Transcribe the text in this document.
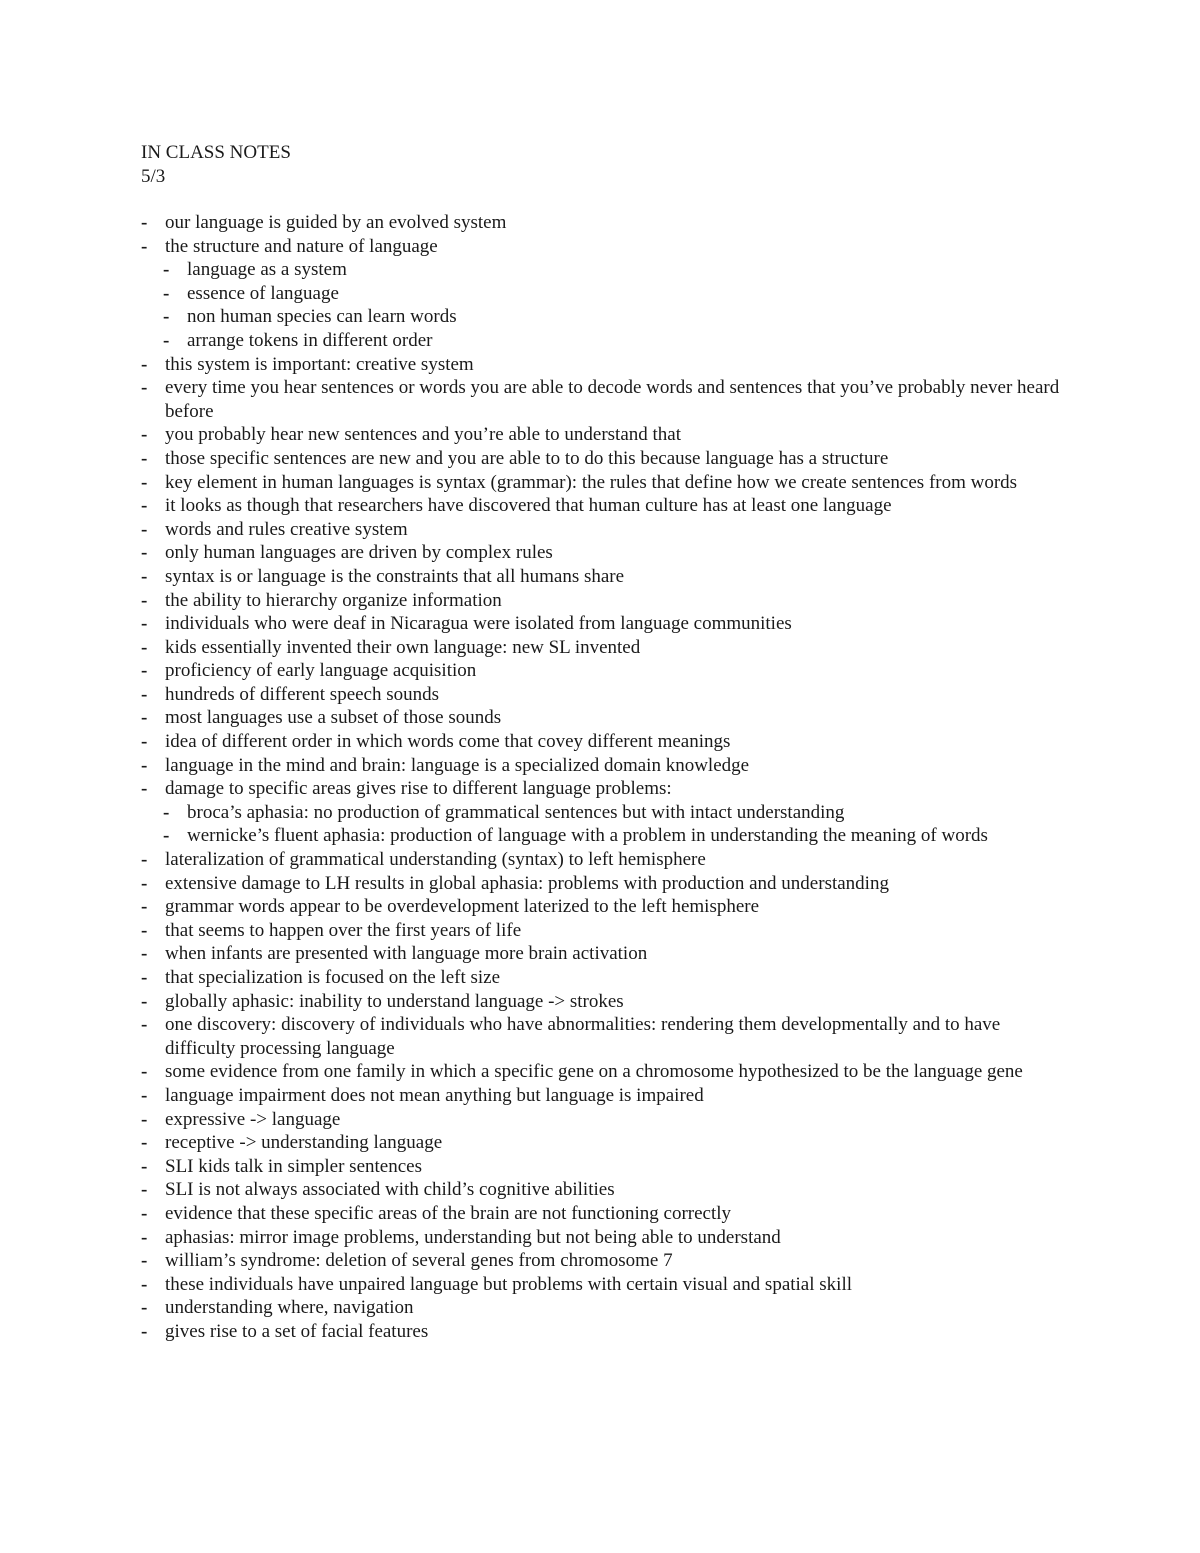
IN CLASS NOTES
5/3
- our language is guided by an evolved system
- the structure and nature of language
- language as a system
- essence of language
- non human species can learn words
- arrange tokens in different order
- this system is important: creative system
- every time you hear sentences or words you are able to decode words and sentences that you’ve probably never heard before
- you probably hear new sentences and you’re able to understand that
- those specific sentences are new and you are able to to do this because language has a structure
- key element in human languages is syntax (grammar): the rules that define how we create sentences from words
- it looks as though that researchers have discovered that human culture has at least one language
- words and rules creative system
- only human languages are driven by complex rules
- syntax is or language is the constraints that all humans share
- the ability to hierarchy organize information
- individuals who were deaf in Nicaragua were isolated from language communities
- kids essentially invented their own language: new SL invented
- proficiency of early language acquisition
- hundreds of different speech sounds
- most languages use a subset of those sounds
- idea of different order in which words come that covey different meanings
- language in the mind and brain: language is a specialized domain knowledge
- damage to specific areas gives rise to different language problems:
- broca’s aphasia: no production of grammatical sentences but with intact understanding
- wernicke’s fluent aphasia: production of language with a problem in understanding the meaning of words
- lateralization of grammatical understanding (syntax) to left hemisphere
- extensive damage to LH results in global aphasia: problems with production and understanding
- grammar words appear to be overdevelopment laterized to the left hemisphere
- that seems to happen over the first years of life
- when infants are presented with language more brain activation
- that specialization is focused on the left size
- globally aphasic: inability to understand language -> strokes
- one discovery: discovery of individuals who have abnormalities: rendering them developmentally and to have difficulty processing language
- some evidence from one family in which a specific gene on a chromosome hypothesized to be the language gene
- language impairment does not mean anything but language is impaired
- expressive -> language
- receptive -> understanding language
- SLI kids talk in simpler sentences
- SLI is not always associated with child’s cognitive abilities
- evidence that these specific areas of the brain are not functioning correctly
- aphasias: mirror image problems, understanding but not being able to understand
- william’s syndrome: deletion of several genes from chromosome 7
- these individuals have unpaired language but problems with certain visual and spatial skill
- understanding where, navigation
- gives rise to a set of facial features
